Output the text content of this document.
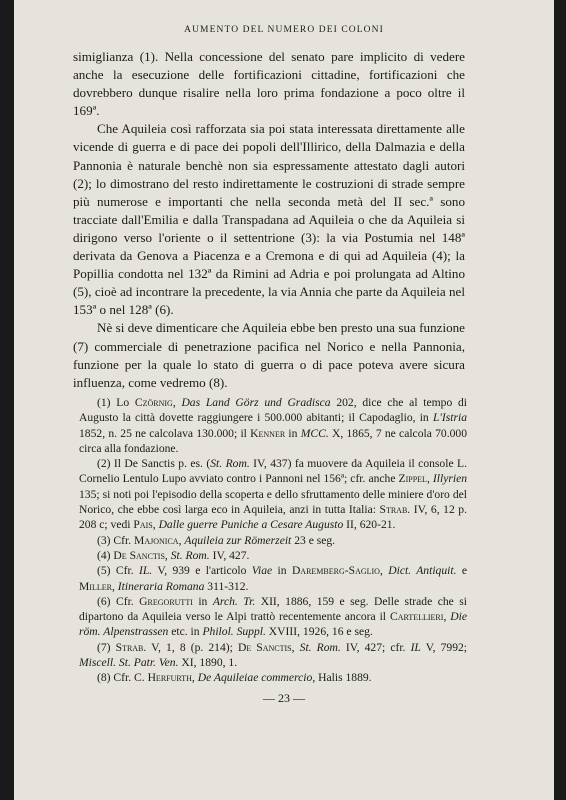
AUMENTO DEL NUMERO DEI COLONI

simiglianza (1). Nella concessione del senato pare implicito di vedere anche la esecuzione delle fortificazioni cittadine, fortificazioni che dovrebbero dunque risalire nella loro prima fondazione a poco oltre il 169ª.

Che Aquileia così rafforzata sia poi stata interessata direttamente alle vicende di guerra e di pace dei popoli dell'Illirico, della Dalmazia e della Pannonia è naturale benchè non sia espressamente attestato dagli autori (2); lo dimostrano del resto indirettamente le costruzioni di strade sempre più numerose e importanti che nella seconda metà del II sec.ª sono tracciate dall'Emilia e dalla Transpadana ad Aquileia o che da Aquileia si dirigono verso l'oriente o il settentrione (3): la via Postumia nel 148ª derivata da Genova a Piacenza e a Cremona e di qui ad Aquileia (4); la Popillia condotta nel 132ª da Rimini ad Adria e poi prolungata ad Altino (5), cioè ad incontrare la precedente, la via Annia che parte da Aquileia nel 153ª o nel 128ª (6).

Nè si deve dimenticare che Aquileia ebbe ben presto una sua funzione (7) commerciale di penetrazione pacifica nel Norico e nella Pannonia, funzione per la quale lo stato di guerra o di pace poteva avere sicura influenza, come vedremo (8).

(1) Lo Czörnig, Das Land Görz und Gradisca 202, dice che al tempo di Augusto la città dovette raggiungere i 500.000 abitanti; il Capodaglio, in L'Istria 1852, n. 25 ne calcolava 130.000; il Kenner in MCC. X, 1865, 7 ne calcola 70.000 circa alla fondazione.

(2) Il De Sanctis p. es. (St. Rom. IV, 437) fa muovere da Aquileia il console L. Cornelio Lentulo Lupo avviato contro i Pannoni nel 156ª; cfr. anche Zippel, Illyrien 135; si noti poi l'episodio della scoperta e dello sfruttamento delle miniere d'oro del Norico, che ebbe così larga eco in Aquileia, anzi in tutta Italia: Strab. IV, 6, 12 p. 208 c; vedi Pais, Dalle guerre Puniche a Cesare Augusto II, 620-21.

(3) Cfr. Majonica, Aquileia zur Römerzeit 23 e seg.

(4) De Sanctis, St. Rom. IV, 427.

(5) Cfr. IL. V, 939 e l'articolo Viae in Daremberg-Saglio, Dict. Antiquit. e Miller, Itineraria Romana 311-312.

(6) Cfr. Gregorutti in Arch. Tr. XII, 1886, 159 e seg. Delle strade che si dipartono da Aquileia verso le Alpi trattò recentemente ancora il Cartellieri, Die röm. Alpenstrassen etc. in Philol. Suppl. XVIII, 1926, 16 e seg.

(7) Strab. V, 1, 8 (p. 214); De Sanctis, St. Rom. IV, 427; cfr. IL V, 7992; Miscell. St. Patr. Ven. XI, 1890, 1.

(8) Cfr. C. Herfurth, De Aquileiae commercio, Halis 1889.

— 23 —
